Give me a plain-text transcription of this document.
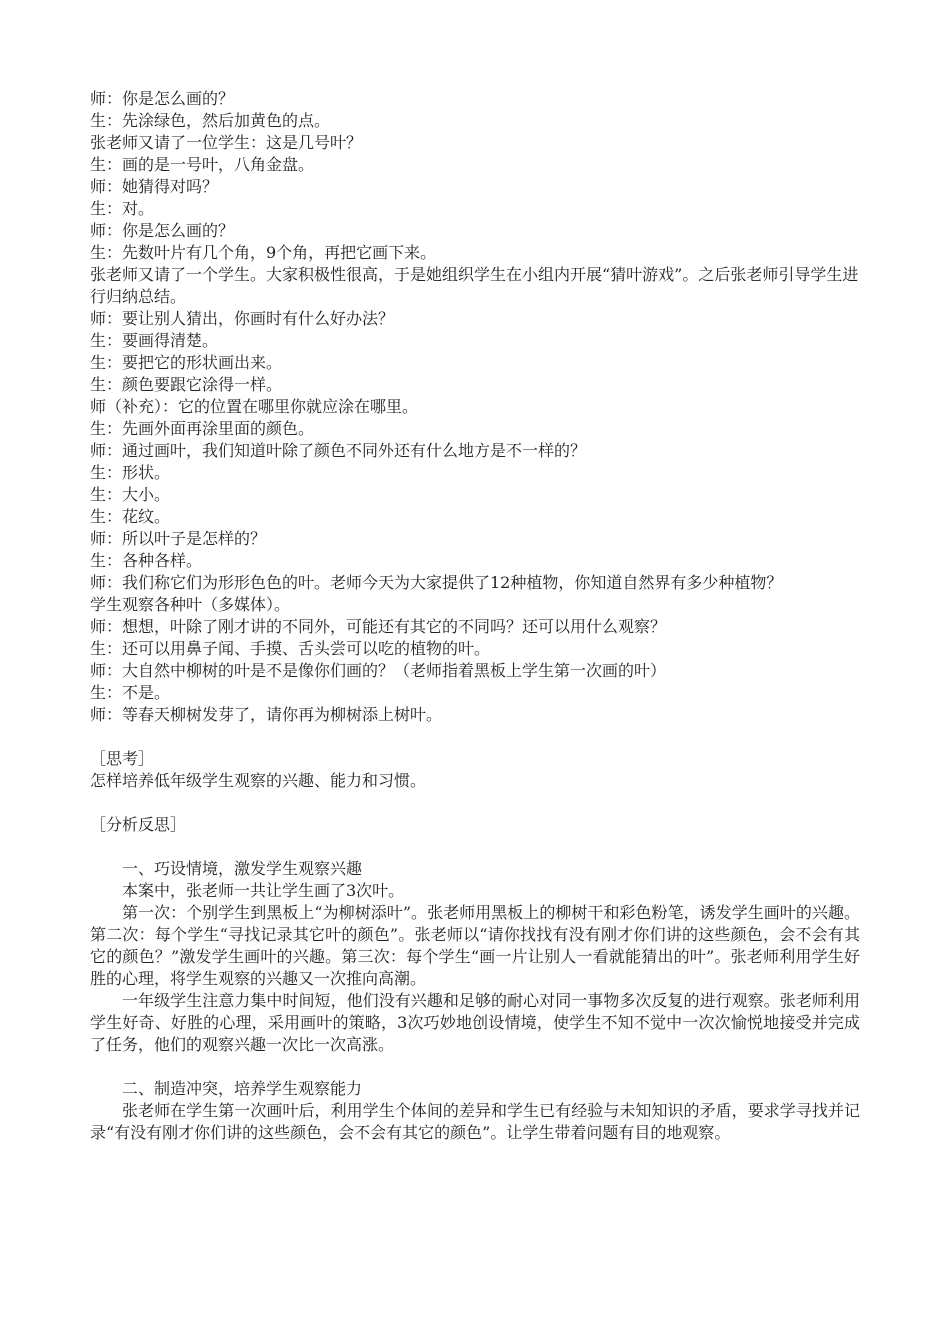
师：你是怎么画的？

生：先涂绿色，然后加黄色的点。

张老师又请了一位学生：这是几号叶？

生：画的是一号叶，八角金盘。

师：她猜得对吗？

生：对。

师：你是怎么画的？

生：先数叶片有几个角，9个角，再把它画下来。

张老师又请了一个学生。大家积极性很高，于是她组织学生在小组内开展“猜叶游戏”。之后张老师引导学生进行归纳总结。

师：要让别人猜出，你画时有什么好办法？

生：要画得清楚。

生：要把它的形状画出来。

生：颜色要跟它涂得一样。

师（补充）：它的位置在哪里你就应涂在哪里。

生：先画外面再涂里面的颜色。

师：通过画叶，我们知道叶除了颜色不同外还有什么地方是不一样的？

生：形状。

生：大小。

生：花纹。

师：所以叶子是怎样的？

生：各种各样。

师：我们称它们为形形色色的叶。老师今天为大家提供了12种植物，你知道自然界有多少种植物？

学生观察各种叶（多媒体）。

师：想想，叶除了刚才讲的不同外，可能还有其它的不同吗？还可以用什么观察？

生：还可以用鼻子闻、手摸、舌头尝可以吃的植物的叶。

师：大自然中柳树的叶是不是像你们画的？（老师指着黑板上学生第一次画的叶）

生：不是。

师：等春天柳树发芽了，请你再为柳树添上树叶。

［思考］

怎样培养低年级学生观察的兴趣、能力和习惯。

［分析反思］

一、巧设情境，激发学生观察兴趣

本案中，张老师一共让学生画了3次叶。

第一次：个别学生到黑板上“为柳树添叶”。张老师用黑板上的柳树干和彩色粉笔，诱发学生画叶的兴趣。第二次：每个学生“寻找记录其它叶的颜色”。张老师以“请你找找有没有刚才你们讲的这些颜色，会不会有其它的颜色？”激发学生画叶的兴趣。第三次：每个学生“画一片让别人一看就能猜出的叶”。张老师利用学生好胜的心理，将学生观察的兴趣又一次推向高潮。

一年级学生注意力集中时间短，他们没有兴趣和足够的耐心对同一事物多次反复的进行观察。张老师利用学生好奇、好胜的心理，采用画叶的策略，3次巧妙地创设情境，使学生不知不觉中一次次愉悦地接受并完成了任务，他们的观察兴趣一次比一次高涨。

二、制造冲突，培养学生观察能力

张老师在学生第一次画叶后，利用学生个体间的差异和学生已有经验与未知知识的矛盾，要求学寻找并记录“有没有刚才你们讲的这些颜色，会不会有其它的颜色”。让学生带着问题有目的地观察。
